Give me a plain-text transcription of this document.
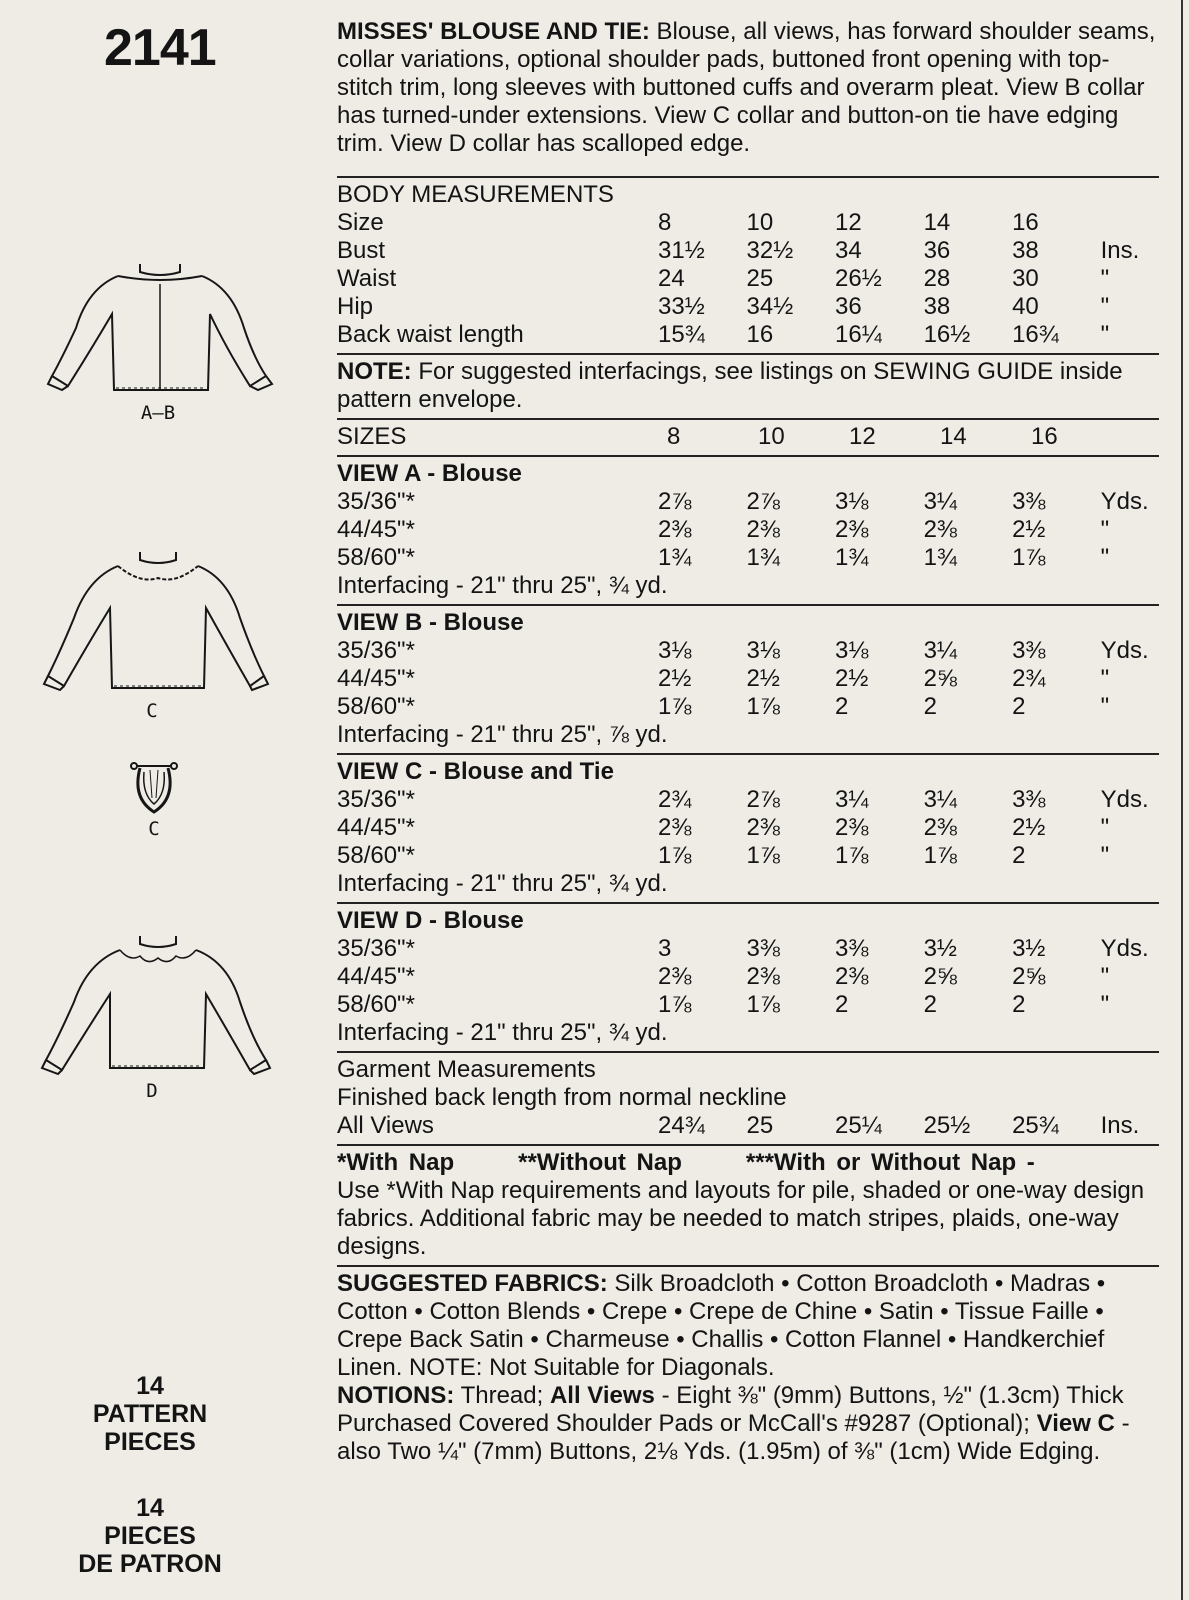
2141
A—B
C
C
D
14
PATTERN
PIECES
14
PIECES
DE PATRON
MISSES' BLOUSE AND TIE: Blouse, all views, has forward shoulder seams, collar variations, optional shoulder pads, buttoned front opening with top-stitch trim, long sleeves with buttoned cuffs and overarm pleat. View B collar has turned-under extensions. View C collar and button-on tie have edging trim. View D collar has scalloped edge.
BODY MEASUREMENTS
Size	8	10	12	14	16
Bust	31½	32½	34	36	38	Ins.
Waist	24	25	26½	28	30	"
Hip	33½	34½	36	38	40	"
Back waist length	15¾	16	16¼	16½	16¾	"
NOTE: For suggested interfacings, see listings on SEWING GUIDE inside pattern envelope.
SIZES	8	10	12	14	16
VIEW A - Blouse
35/36"*	2⅞	2⅞	3⅛	3¼	3⅜	Yds.
44/45"*	2⅜	2⅜	2⅜	2⅜	2½	"
58/60"*	1¾	1¾	1¾	1¾	1⅞	"
Interfacing - 21" thru 25", ¾ yd.
VIEW B - Blouse
35/36"*	3⅛	3⅛	3⅛	3¼	3⅜	Yds.
44/45"*	2½	2½	2½	2⅝	2¾	"
58/60"*	1⅞	1⅞	2	2	2	"
Interfacing - 21" thru 25", ⅞ yd.
VIEW C - Blouse and Tie
35/36"*	2¾	2⅞	3¼	3¼	3⅜	Yds.
44/45"*	2⅜	2⅜	2⅜	2⅜	2½	"
58/60"*	1⅞	1⅞	1⅞	1⅞	2	"
Interfacing - 21" thru 25", ¾ yd.
VIEW D - Blouse
35/36"*	3	3⅜	3⅜	3½	3½	Yds.
44/45"*	2⅜	2⅜	2⅜	2⅝	2⅝	"
58/60"*	1⅞	1⅞	2	2	2	"
Interfacing - 21" thru 25", ¾ yd.
Garment Measurements
Finished back length from normal neckline
All Views	24¾	25	25¼	25½	25¾	Ins.
*With Nap	**Without Nap	***With or Without Nap -
Use *With Nap requirements and layouts for pile, shaded or one-way design fabrics. Additional fabric may be needed to match stripes, plaids, one-way designs.
SUGGESTED FABRICS: Silk Broadcloth • Cotton Broadcloth • Madras • Cotton • Cotton Blends • Crepe • Crepe de Chine • Satin • Tissue Faille • Crepe Back Satin • Charmeuse • Challis • Cotton Flannel • Handkerchief Linen. NOTE: Not Suitable for Diagonals.
NOTIONS: Thread; All Views - Eight ⅜" (9mm) Buttons, ½" (1.3cm) Thick Purchased Covered Shoulder Pads or McCall's #9287 (Optional); View C - also Two ¼" (7mm) Buttons, 2⅛ Yds. (1.95m) of ⅜" (1cm) Wide Edging.
